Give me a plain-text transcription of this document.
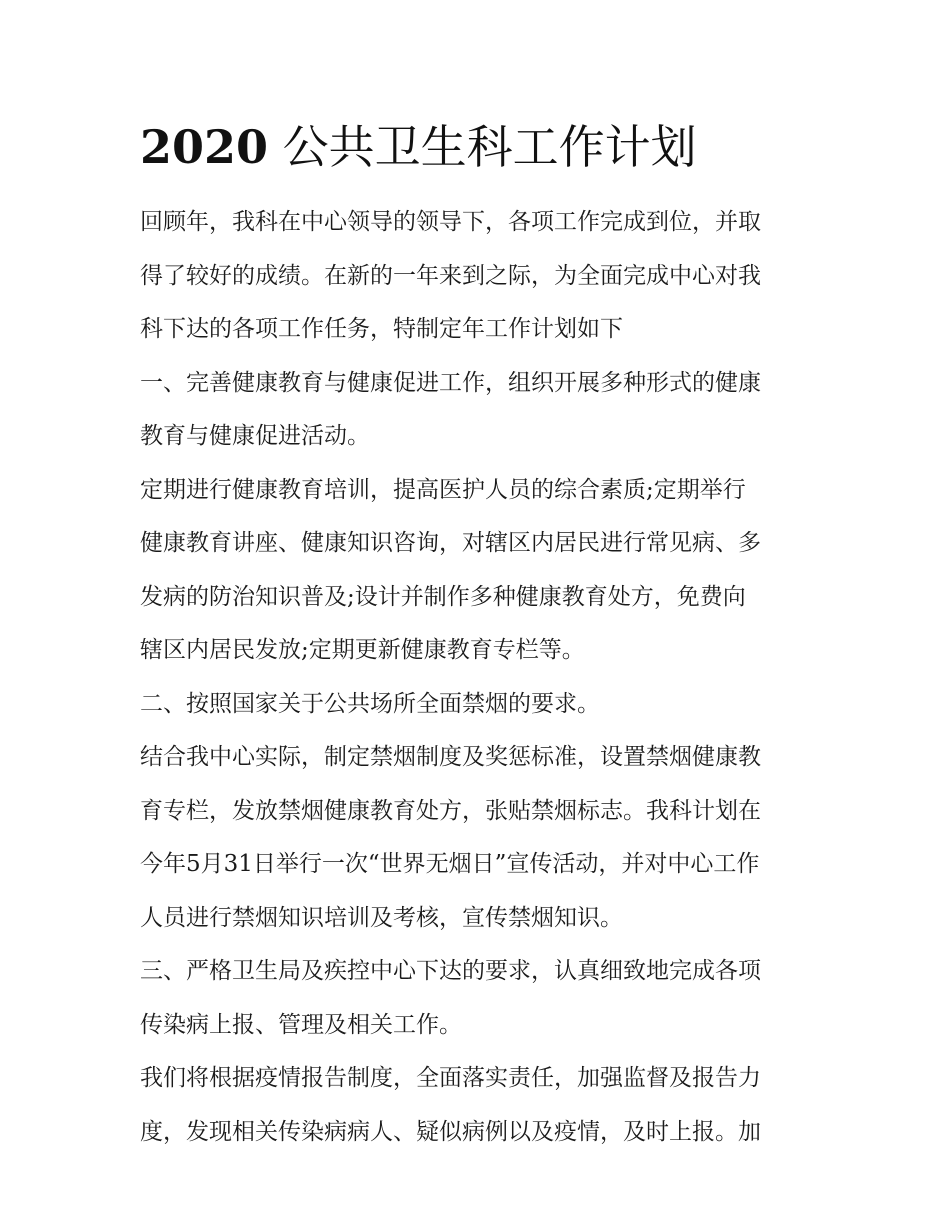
2020 公共卫生科工作计划
回顾年，我科在中心领导的领导下，各项工作完成到位，并取
得了较好的成绩。在新的一年来到之际，为全面完成中心对我
科下达的各项工作任务，特制定年工作计划如下
一、完善健康教育与健康促进工作，组织开展多种形式的健康
教育与健康促进活动。
定期进行健康教育培训，提高医护人员的综合素质;定期举行
健康教育讲座、健康知识咨询，对辖区内居民进行常见病、多
发病的防治知识普及;设计并制作多种健康教育处方，免费向
辖区内居民发放;定期更新健康教育专栏等。
二、按照国家关于公共场所全面禁烟的要求。
结合我中心实际，制定禁烟制度及奖惩标准，设置禁烟健康教
育专栏，发放禁烟健康教育处方，张贴禁烟标志。我科计划在
今年5月31日举行一次“世界无烟日”宣传活动，并对中心工作
人员进行禁烟知识培训及考核，宣传禁烟知识。
三、严格卫生局及疾控中心下达的要求，认真细致地完成各项
传染病上报、管理及相关工作。
我们将根据疫情报告制度，全面落实责任，加强监督及报告力
度，发现相关传染病病人、疑似病例以及疫情，及时上报。加
